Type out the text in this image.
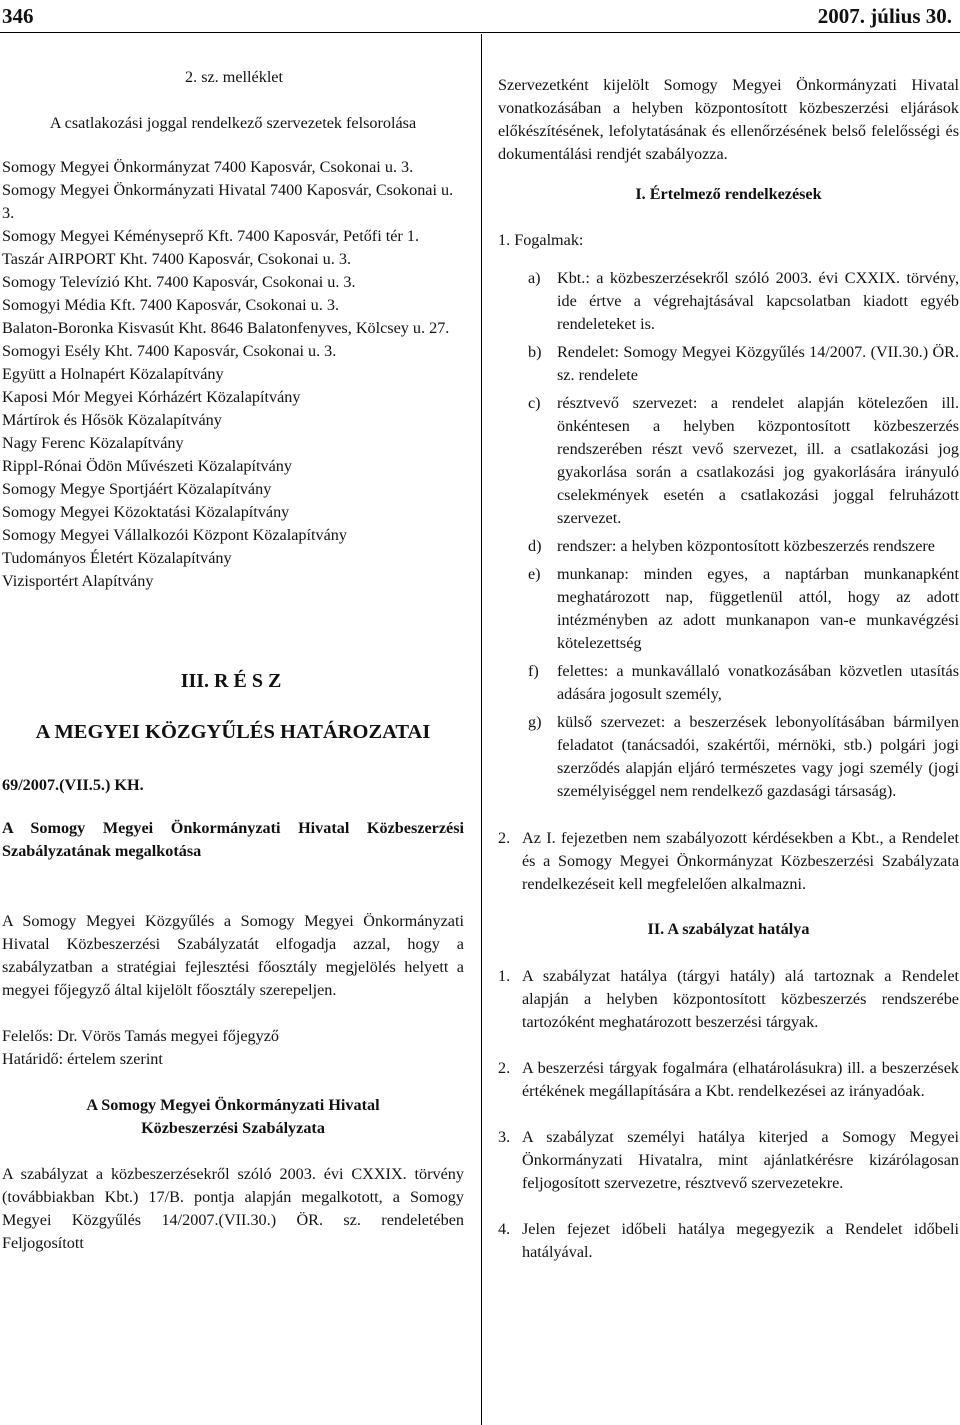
346	2007. július 30.

2. sz. melléklet

A csatlakozási joggal rendelkező szervezetek felsorolása

Somogy Megyei Önkormányzat 7400 Kaposvár, Csokonai u. 3.

Somogy Megyei Önkormányzati Hivatal 7400 Kaposvár, Csokonai u. 3.

Somogy Megyei Kéményseprő Kft. 7400 Kaposvár, Petőfi tér 1.

Taszár AIRPORT Kht. 7400 Kaposvár, Csokonai u. 3.

Somogy Televízió Kht. 7400 Kaposvár, Csokonai u. 3.

Somogyi Média Kft. 7400 Kaposvár, Csokonai u. 3.

Balaton-Boronka Kisvasút Kht. 8646 Balatonfenyves, Kölcsey u. 27.

Somogyi Esély Kht. 7400 Kaposvár, Csokonai u. 3.

Együtt a Holnapért Közalapítvány

Kaposi Mór Megyei Kórházért Közalapítvány

Mártírok és Hősök Közalapítvány

Nagy Ferenc Közalapítvány

Rippl-Rónai Ödön Művészeti Közalapítvány

Somogy Megye Sportjáért Közalapítvány

Somogy Megyei Közoktatási Közalapítvány

Somogy Megyei Vállalkozói Központ Közalapítvány

Tudományos Életért Közalapítvány

Vizisportért Alapítvány

III. R É S Z

A MEGYEI KÖZGYŰLÉS HATÁROZATAI

69/2007.(VII.5.) KH.

A Somogy Megyei Önkormányzati Hivatal Közbeszerzési Szabályzatának megalkotása

A Somogy Megyei Közgyűlés a Somogy Megyei Önkormányzati Hivatal Közbeszerzési Szabályzatát elfogadja azzal, hogy a szabályzatban a stratégiai fejlesztési főosztály megjelölés helyett a megyei főjegyző által kijelölt főosztály szerepeljen.

Felelős: Dr. Vörös Tamás megyei főjegyző

Határidő: értelem szerint

A Somogy Megyei Önkormányzati Hivatal Közbeszerzési Szabályzata

A szabályzat a közbeszerzésekről szóló 2003. évi CXXIX. törvény (továbbiakban Kbt.) 17/B. pontja alapján megalkotott, a Somogy Megyei Közgyűlés 14/2007.(VII.30.) ÖR. sz. rendeletében Feljogosított

Szervezetként kijelölt Somogy Megyei Önkormányzati Hivatal vonatkozásában a helyben központosított közbeszerzési eljárások előkészítésének, lefolytatásának és ellenőrzésének belső felelősségi és dokumentálási rendjét szabályozza.

I. Értelmező rendelkezések

1. Fogalmak:

a)	Kbt.: a közbeszerzésekről szóló 2003. évi CXXIX. törvény, ide értve a végrehajtásával kapcsolatban kiadott egyéb rendeleteket is.
b) Rendelet: Somogy Megyei Közgyűlés 14/2007. (VII.30.) ÖR. sz. rendelete
c)	résztvevő szervezet: a rendelet alapján kötelezően ill. önkéntesen a helyben központosított közbeszerzés rendszerében részt vevő szervezet, ill. a csatlakozási jog gyakorlása során a csatlakozási jog gyakorlására irányuló cselekmények esetén a csatlakozási joggal felruházott szervezet.
d) rendszer: a helyben központosított közbeszerzés rendszere
e)	munkanap: minden egyes, a naptárban munkanapként meghatározott nap, függetlenül attól, hogy az adott intézményben az adott munkanapon van-e munkavégzési kötelezettség
f)	felettes: a munkavállaló vonatkozásában közvetlen utasítás adására jogosult személy,
g) külső szervezet: a beszerzések lebonyolításában bármilyen feladatot (tanácsadói, szakértői, mérnöki, stb.) polgári jogi szerződés alapján eljáró természetes vagy jogi személy (jogi személyiséggel nem rendelkező gazdasági társaság).
2. Az I. fejezetben nem szabályozott kérdésekben a Kbt., a Rendelet és a Somogy Megyei Önkormányzat Közbeszerzési Szabályzata rendelkezéseit kell megfelelően alkalmazni.

II. A szabályzat hatálya

1. A szabályzat hatálya (tárgyi hatály) alá tartoznak a Rendelet alapján a helyben központosított közbeszerzés rendszerébe tartozóként meghatározott beszerzési tárgyak.
2. A beszerzési tárgyak fogalmára (elhatárolásukra) ill. a beszerzések értékének megállapítására a Kbt. rendelkezései az irányadóak.
3. A szabályzat személyi hatálya kiterjed a Somogy Megyei Önkormányzati Hivatalra, mint ajánlatkérésre kizárólagosan feljogosított szervezetre, résztvevő szervezetekre.
4. Jelen fejezet időbeli hatálya megegyezik a Rendelet időbeli hatályával.
